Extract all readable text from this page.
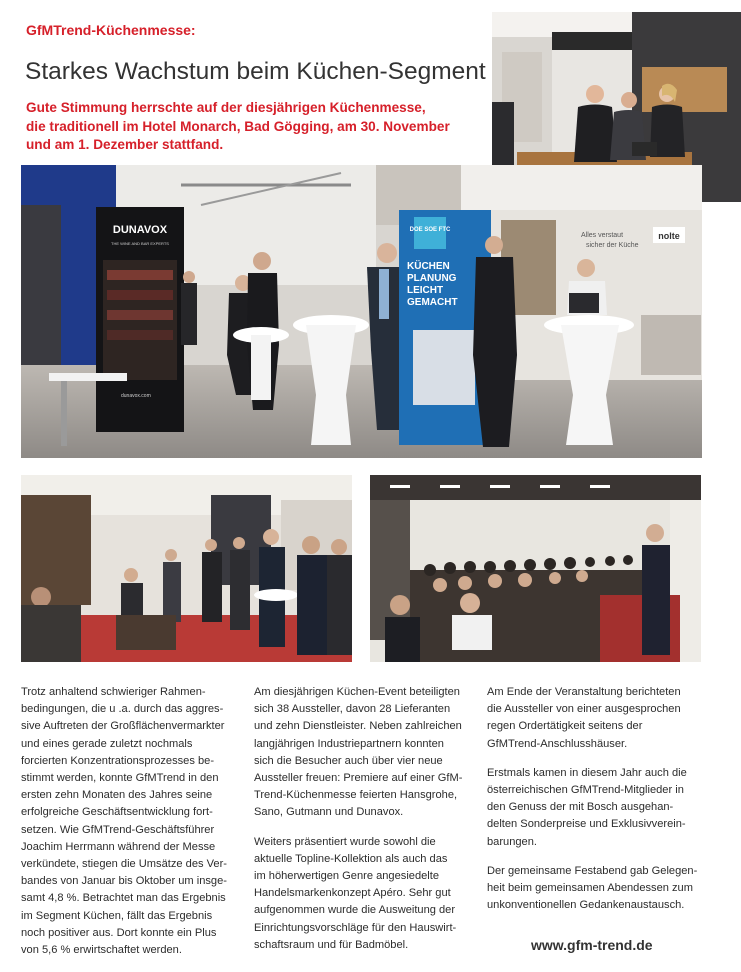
GfMTrend-Küchenmesse:
Starkes Wachstum beim Küchen-Segment
Gute Stimmung herrschte auf der diesjährigen Küchenmesse,
die traditionell im Hotel Monarch, Bad Gögging, am 30. November
und am 1. Dezember stattfand.
DUNAVOX
THE WINE AND BAR EXPERTS
dunavox.com
DOE SOE FTC
KÜCHEN
PLANUNG
LEICHT
GEMACHT
Alles verstaut
sicher der Küche
nolte

Trotz anhaltend schwieriger Rahmen-
bedingungen, die u .a. durch das aggres-
sive Auftreten der Großflächenvermarkter
und eines gerade zuletzt nochmals
forcierten Konzentrationsprozesses be-
stimmt werden, konnte GfMTrend in den
ersten zehn Monaten des Jahres seine
erfolgreiche Geschäftsentwicklung fort-
setzen. Wie GfMTrend-Geschäftsführer
Joachim Herrmann während der Messe
verkündete, stiegen die Umsätze des Ver-
bandes von Januar bis Oktober um insge-
samt 4,8 %. Betrachtet man das Ergebnis
im Segment Küchen, fällt das Ergebnis
noch positiver aus. Dort konnte ein Plus
von 5,6 % erwirtschaftet werden.

Am diesjährigen Küchen-Event beteiligten
sich 38 Aussteller, davon 28 Lieferanten
und zehn Dienstleister. Neben zahlreichen
langjährigen Industriepartnern konnten
sich die Besucher auch über vier neue
Aussteller freuen: Premiere auf einer GfM-
Trend-Küchenmesse feierten Hansgrohe,
Sano, Gutmann und Dunavox.

Weiters präsentiert wurde sowohl die
aktuelle Topline-Kollektion als auch das
im höherwertigen Genre angesiedelte
Handelsmarkenkonzept Apéro. Sehr gut
aufgenommen wurde die Ausweitung der
Einrichtungsvorschläge für den Hauswirt-
schaftsraum und für Badmöbel.

Am Ende der Veranstaltung berichteten
die Aussteller von einer ausgesprochen
regen Ordertätigkeit seitens der
GfMTrend-Anschlusshäuser.

Erstmals kamen in diesem Jahr auch die
österreichischen GfMTrend-Mitglieder in
den Genuss der mit Bosch ausgehan-
delten Sonderpreise und Exklusivverein-
barungen.

Der gemeinsame Festabend gab Gelegen-
heit beim gemeinsamen Abendessen zum
unkonventionellen Gedankenaustausch.

www.gfm-trend.de
